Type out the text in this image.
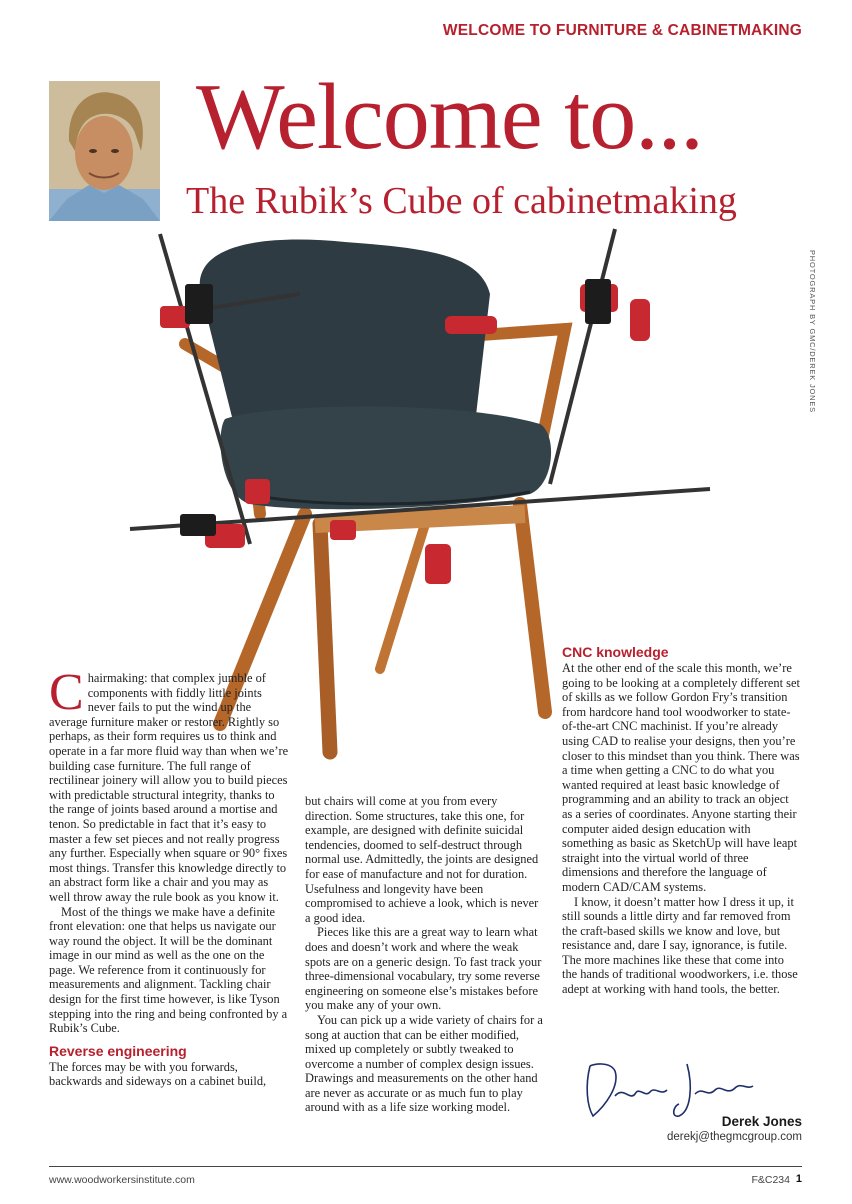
WELCOME TO FURNITURE & CABINETMAKING
Welcome to...
The Rubik’s Cube of cabinetmaking
PHOTOGRAPH BY GMC/DEREK JONES

Chairmaking: that complex jumble of components with fiddly little joints never fails to put the wind up the average furniture maker or restorer. Rightly so perhaps, as their form requires us to think and operate in a far more fluid way than when we’re building case furniture. The full range of rectilinear joinery will allow you to build pieces with predictable structural integrity, thanks to the range of joints based around a mortise and tenon. So predictable in fact that it’s easy to master a few set pieces and not really progress any further. Especially when square or 90° fixes most things. Transfer this knowledge directly to an abstract form like a chair and you may as well throw away the rule book as you know it.

Most of the things we make have a definite front elevation: one that helps us navigate our way round the object. It will be the dominant image in our mind as well as the one on the page. We reference from it continuously for measurements and alignment. Tackling chair design for the first time however, is like Tyson stepping into the ring and being confronted by a Rubik’s Cube.

Reverse engineering

The forces may be with you forwards, backwards and sideways on a cabinet build,

but chairs will come at you from every direction. Some structures, take this one, for example, are designed with definite suicidal tendencies, doomed to self-destruct through normal use. Admittedly, the joints are designed for ease of manufacture and not for duration. Usefulness and longevity have been compromised to achieve a look, which is never a good idea.

Pieces like this are a great way to learn what does and doesn’t work and where the weak spots are on a generic design. To fast track your three-dimensional vocabulary, try some reverse engineering on someone else’s mistakes before you make any of your own.

You can pick up a wide variety of chairs for a song at auction that can be either modified, mixed up completely or subtly tweaked to overcome a number of complex design issues. Drawings and measurements on the other hand are never as accurate or as much fun to play around with as a life size working model.

CNC knowledge

At the other end of the scale this month, we’re going to be looking at a completely different set of skills as we follow Gordon Fry’s transition from hardcore hand tool woodworker to state-of-the-art CNC machinist. If you’re already using CAD to realise your designs, then you’re closer to this mindset than you think. There was a time when getting a CNC to do what you wanted required at least basic knowledge of programming and an ability to track an object as a series of coordinates. Anyone starting their computer aided design education with something as basic as SketchUp will have leapt straight into the virtual world of three dimensions and therefore the language of modern CAD/CAM systems.

I know, it doesn’t matter how I dress it up, it still sounds a little dirty and far removed from the craft-based skills we know and love, but resistance and, dare I say, ignorance, is futile. The more machines like these that come into the hands of traditional woodworkers, i.e. those adept at working with hand tools, the better.

Derek Jones
derekj@thegmcgroup.com
www.woodworkersinstitute.com	F&C234 1
